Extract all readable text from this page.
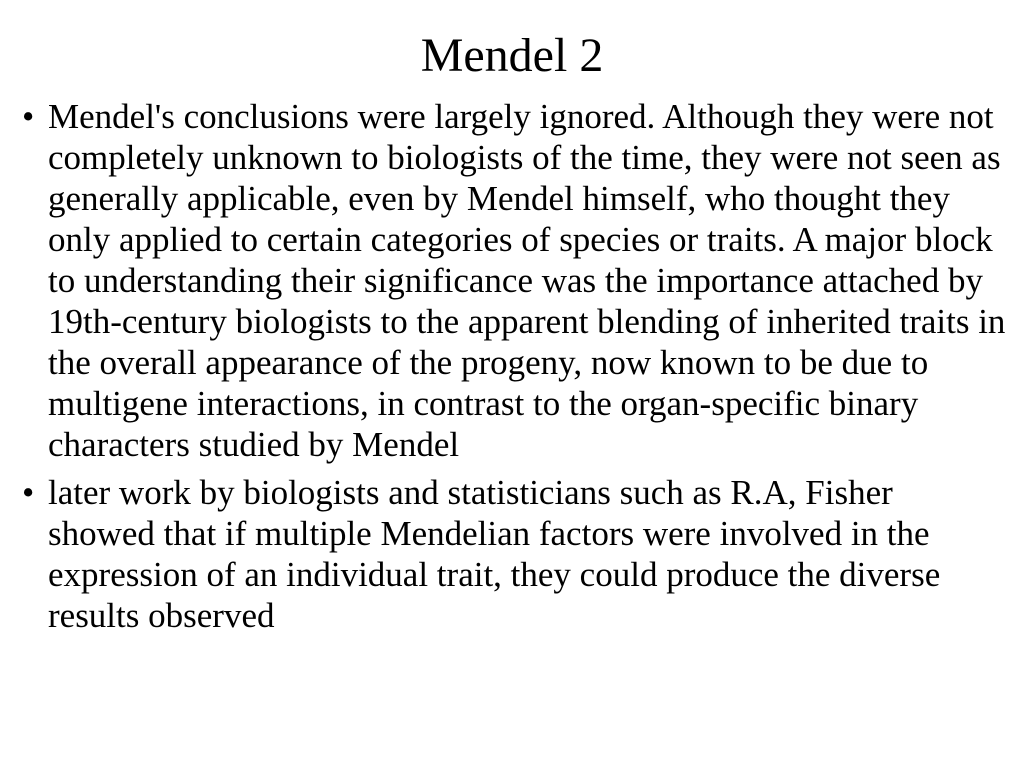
Mendel 2
• Mendel's conclusions were largely ignored. Although they were not completely unknown to biologists of the time, they were not seen as generally applicable, even by Mendel himself, who thought they only applied to certain categories of species or traits. A major block to understanding their significance was the importance attached by 19th-century biologists to the apparent blending of inherited traits in the overall appearance of the progeny, now known to be due to multigene interactions, in contrast to the organ-specific binary characters studied by Mendel
• later work by biologists and statisticians such as R.A, Fisher showed that if multiple Mendelian factors were involved in the expression of an individual trait, they could produce the diverse results observed
